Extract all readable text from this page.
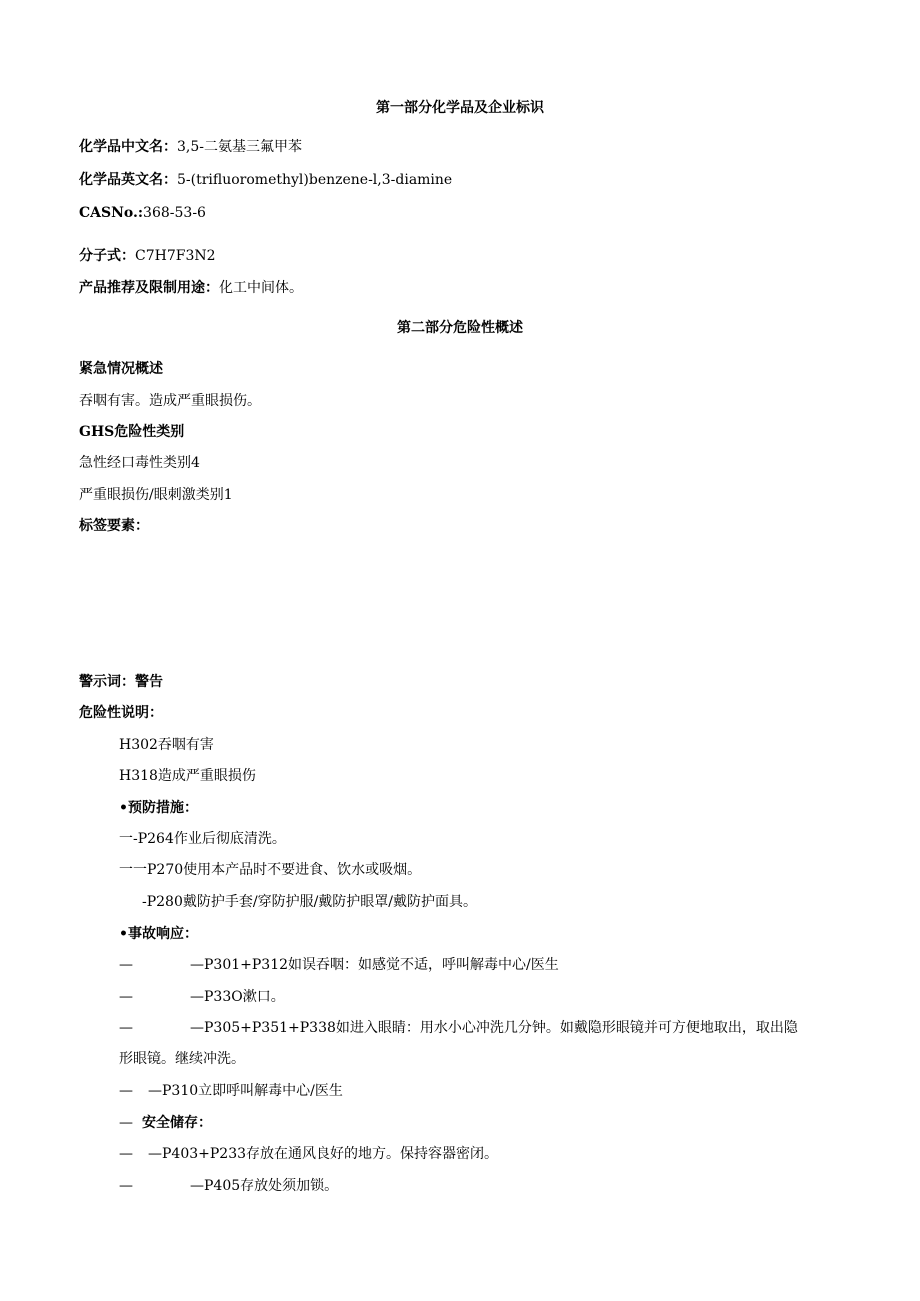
第一部分化学品及企业标识
化学品中文名：3,5-二氨基三氟甲苯
化学品英文名：5-(trifluoromethyl)benzene-l,3-diamine
CASNo.:368-53-6
分子式：C7H7F3N2
产品推荐及限制用途：化工中间体。
第二部分危险性概述
紧急情况概述
吞咽有害。造成严重眼损伤。
GHS危险性类别
急性经口毒性类别4
严重眼损伤/眼刺激类别1
标签要素：
警示词：警告
危险性说明：
H302吞咽有害
H318造成严重眼损伤
•预防措施：
一-P264作业后彻底清洗。
一一P270使用本产品时不要进食、饮水或吸烟。
-P280戴防护手套/穿防护服/戴防护眼罩/戴防护面具。
•事故响应：
—	—P301+P312如误吞咽：如感觉不适，呼叫解毒中心/医生
—	—P33O漱口。
—	—P305+P351+P338如进入眼睛：用水小心冲洗几分钟。如戴隐形眼镜并可方便地取出，取出隐
形眼镜。继续冲洗。
— —P310立即呼叫解毒中心/医生
— 安全储存：
— —P403+P233存放在通风良好的地方。保持容器密闭。
—	—P405存放处须加锁。
